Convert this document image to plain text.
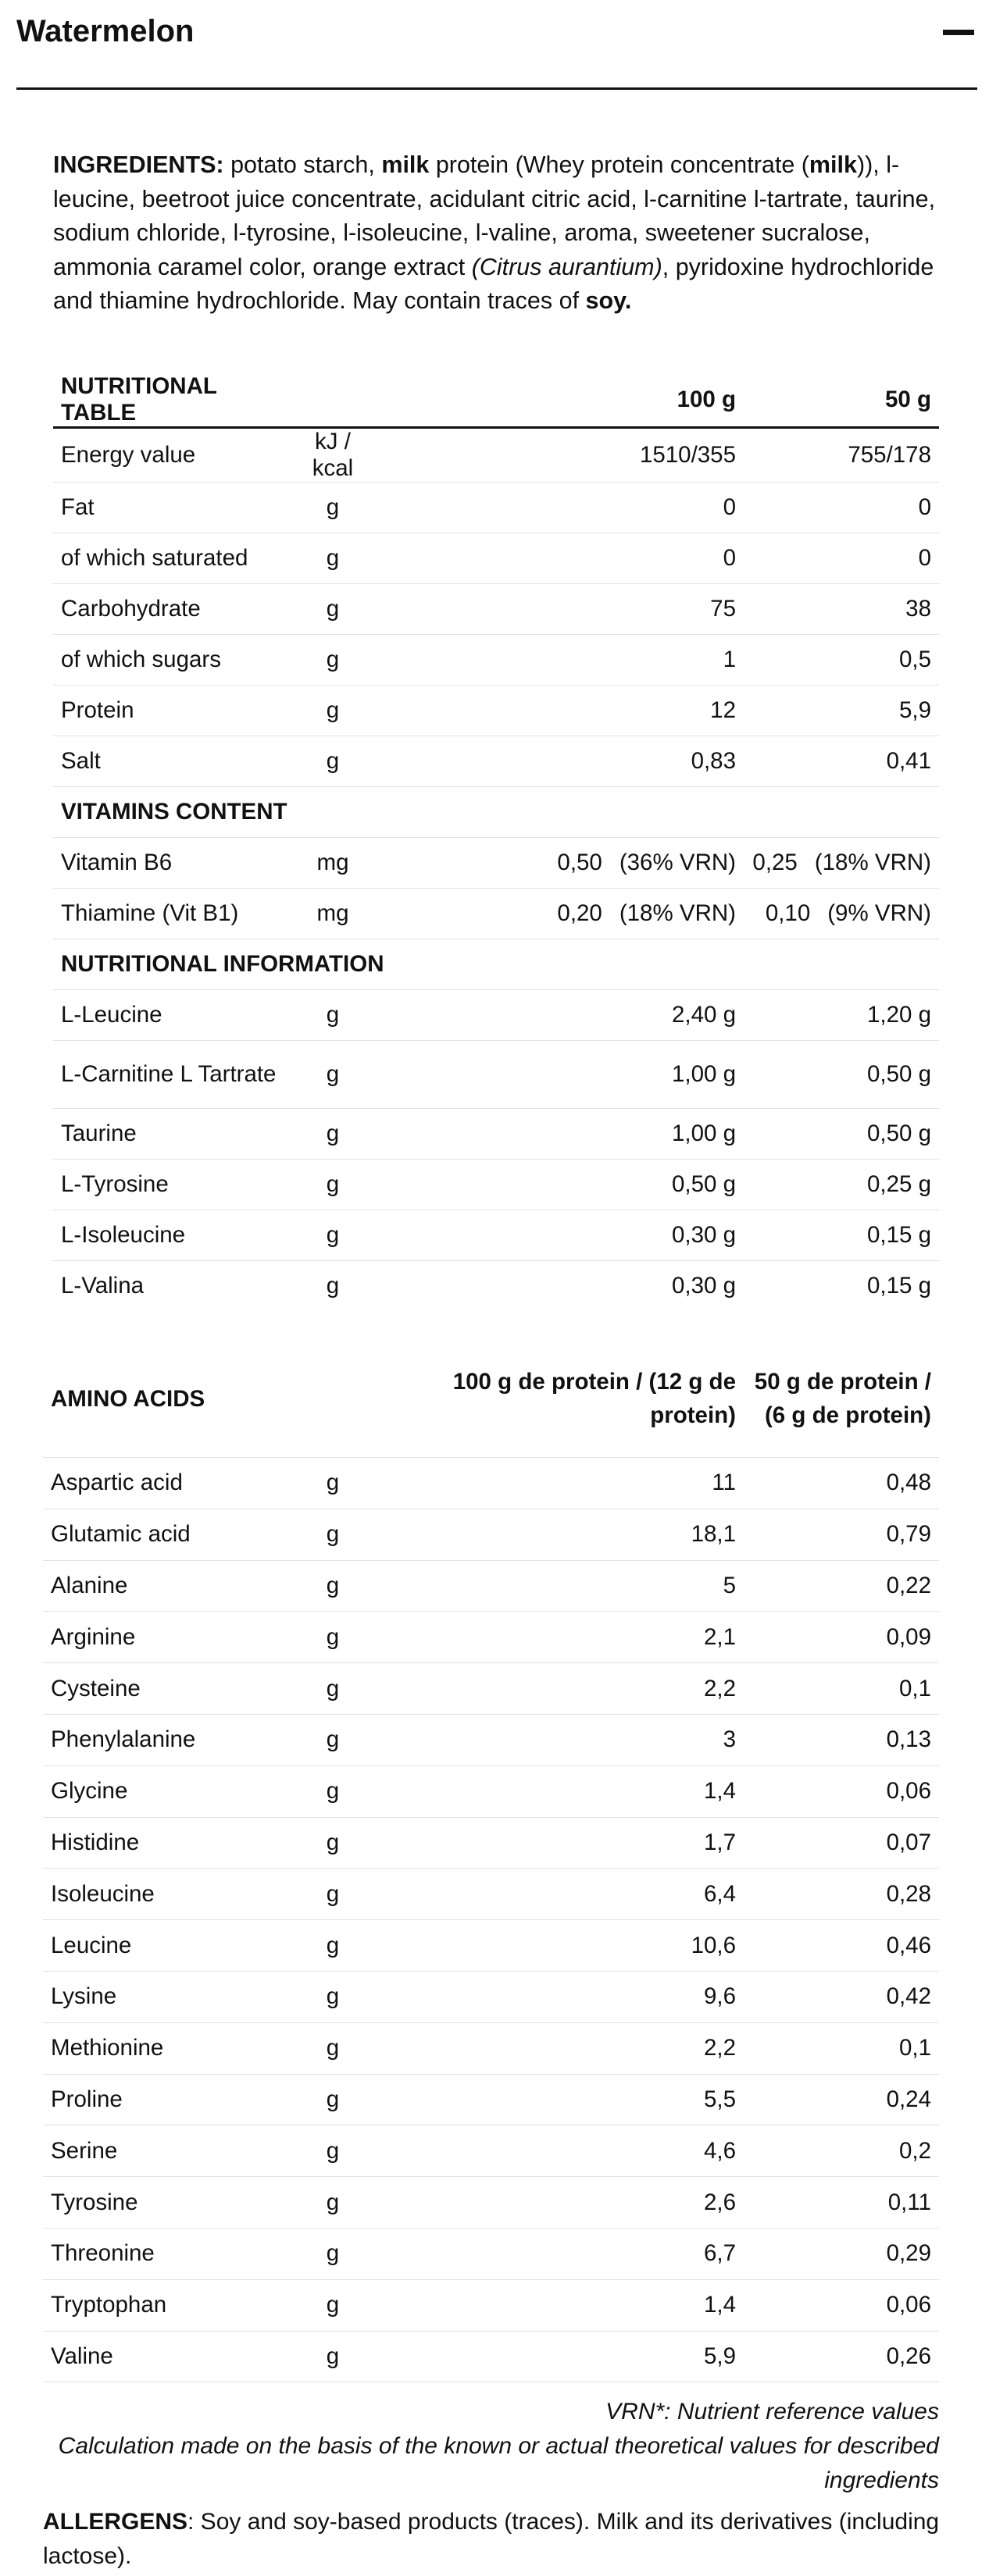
Watermelon

INGREDIENTS: potato starch, milk protein (Whey protein concentrate (milk)), l-leucine, beetroot juice concentrate, acidulant citric acid, l-carnitine l-tartrate, taurine, sodium chloride, l-tyrosine, l-isoleucine, l-valine, aroma, sweetener sucralose, ammonia caramel color, orange extract (Citrus aurantium), pyridoxine hydrochloride and thiamine hydrochloride. May contain traces of soy.

NUTRITIONAL TABLE		100 g	50 g
Energy value	kJ / kcal	1510/355	755/178
Fat	g	0	0
of which saturated	g	0	0
Carbohydrate	g	75	38
of which sugars	g	1	0,5
Protein	g	12	5,9
Salt	g	0,83	0,41
VITAMINS CONTENT			
Vitamin B6	mg	0,50 (36% VRN)	0,25 (18% VRN)
Thiamine (Vit B1)	mg	0,20 (18% VRN)	0,10 (9% VRN)
NUTRITIONAL INFORMATION			
L-Leucine	g	2,40 g	1,20 g
L-Carnitine L Tartrate	g	1,00 g	0,50 g
Taurine	g	1,00 g	0,50 g
L-Tyrosine	g	0,50 g	0,25 g
L-Isoleucine	g	0,30 g	0,15 g
L-Valina	g	0,30 g	0,15 g
AMINO ACIDS		100 g de protein / (12 g de protein)	50 g de protein / (6 g de protein)
Aspartic acid	g	11	0,48
Glutamic acid	g	18,1	0,79
Alanine	g	5	0,22
Arginine	g	2,1	0,09
Cysteine	g	2,2	0,1
Phenylalanine	g	3	0,13
Glycine	g	1,4	0,06
Histidine	g	1,7	0,07
Isoleucine	g	6,4	0,28
Leucine	g	10,6	0,46
Lysine	g	9,6	0,42
Methionine	g	2,2	0,1
Proline	g	5,5	0,24
Serine	g	4,6	0,2
Tyrosine	g	2,6	0,11
Threonine	g	6,7	0,29
Tryptophan	g	1,4	0,06
Valine	g	5,9	0,26

VRN*: Nutrient reference values

Calculation made on the basis of the known or actual theoretical values for described ingredients

ALLERGENS: Soy and soy-based products (traces). Milk and its derivatives (including lactose).
